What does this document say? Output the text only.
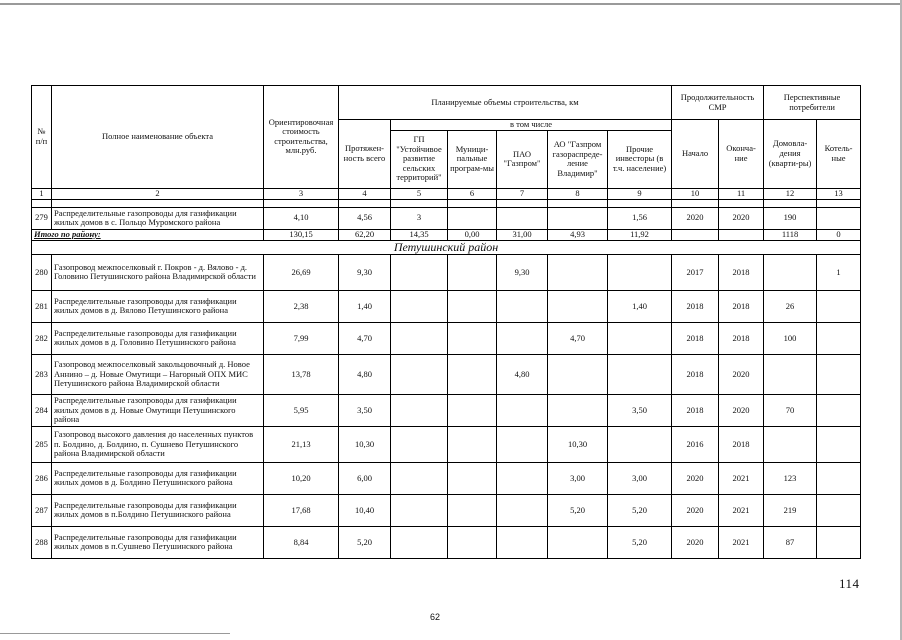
№ п/п	Полное наименование объекта	Ориентировочная стоимость строительства, млн.руб.	Планируемые объемы строительства, км						Продолжительность СМР		Перспективные потребители	
			Протяжен-ность всего	в том числе					Начало	Оконча-ние	Домовла-дения (кварти-ры)	Котель-ные
				ГП "Устойчивое развитие сельских территорий"	Муници-пальные програм-мы	ПАО "Газпром"	АО "Газпром газораспреде-ление Владимир"	Прочие инвесторы (в т.ч. население)				
1	2	3	4	5	6	7	8	9	10	11	12	13

279	Распределительные газопроводы для газификации жилых домов в с. Польцо Муромского района	4,10	4,56	3				1,56	2020	2020	190	
Итого по району:		130,15	62,20	14,35	0,00	31,00	4,93	11,92			1118	0
Петушинский район												
280	Газопровод межпоселковый г. Покров - д. Вялово - д. Головино Петушинского района Владимирской области	26,69	9,30			9,30			2017	2018		1
281	Распределительные газопроводы для газификации жилых домов в д. Вялово Петушинского района	2,38	1,40					1,40	2018	2018	26	
282	Распределительные газопроводы для газификации жилых домов в д. Головино Петушинского района	7,99	4,70				4,70		2018	2018	100	
283	Газопровод межпоселковый закольцовочный д. Новое Аннино – д. Новые Омутищи – Нагорный ОПХ МИС Петушинского района Владимирской области	13,78	4,80			4,80			2018	2020		
284	Распределительные газопроводы для газификации жилых домов в д. Новые Омутищи Петушинского района	5,95	3,50					3,50	2018	2020	70	
285	Газопровод высокого давления до населенных пунктов п. Болдино, д. Болдино, п. Сушнево Петушинского района Владимирской области	21,13	10,30				10,30		2016	2018		
286	Распределительные газопроводы для газификации жилых домов в д. Болдино Петушинского района	10,20	6,00				3,00	3,00	2020	2021	123	
287	Распределительные газопроводы для газификации жилых домов в п.Болдино Петушинского района	17,68	10,40				5,20	5,20	2020	2021	219	
288	Распределительные газопроводы для газификации жилых домов в п.Сушнево Петушинского района	8,84	5,20					5,20	2020	2021	87	
62
114
